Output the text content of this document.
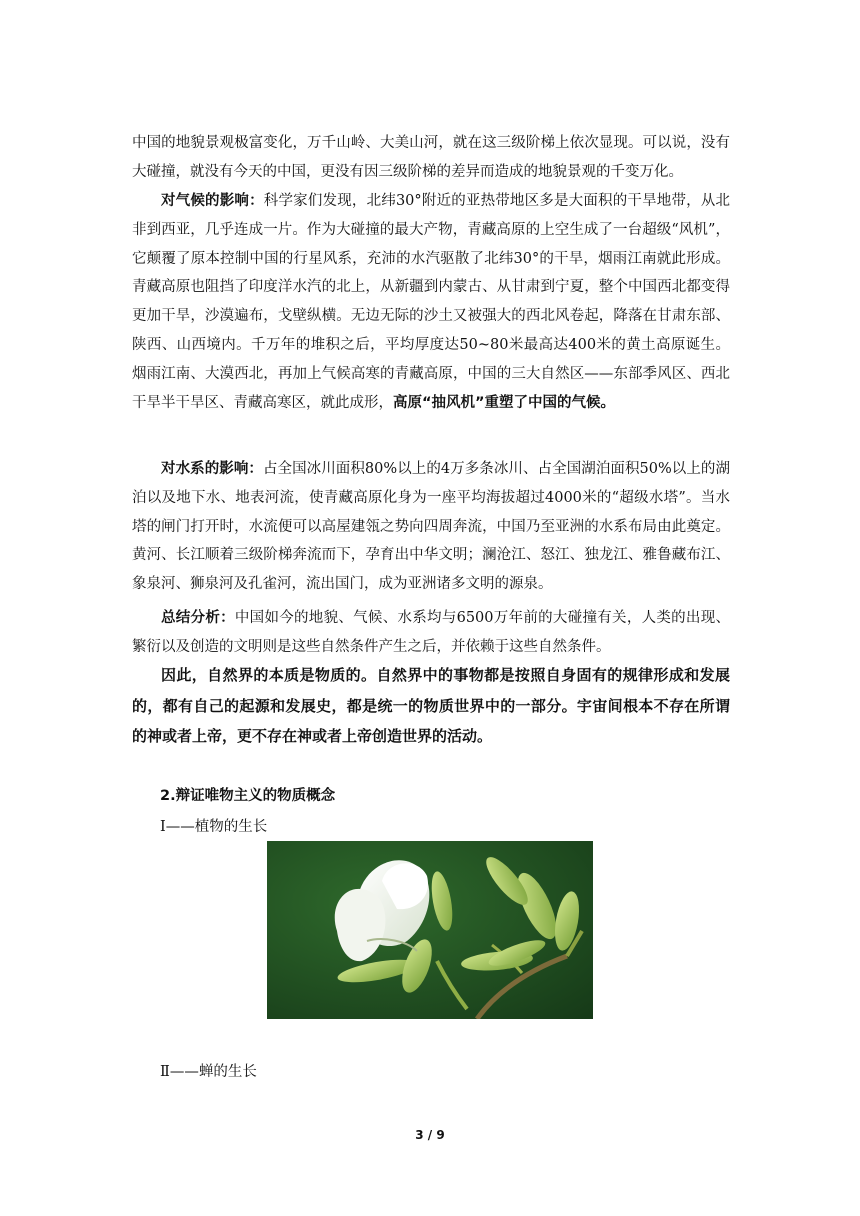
中国的地貌景观极富变化，万千山岭、大美山河，就在这三级阶梯上依次显现。可以说，没有大碰撞，就没有今天的中国，更没有因三级阶梯的差异而造成的地貌景观的千变万化。
对气候的影响：科学家们发现，北纬30°附近的亚热带地区多是大面积的干旱地带，从北非到西亚，几乎连成一片。作为大碰撞的最大产物，青藏高原的上空生成了一台超级“风机”，它颠覆了原本控制中国的行星风系，充沛的水汽驱散了北纬30°的干旱，烟雨江南就此形成。青藏高原也阻挡了印度洋水汽的北上，从新疆到内蒙古、从甘肃到宁夏，整个中国西北都变得更加干旱，沙漠遍布，戈壁纵横。无边无际的沙土又被强大的西北风卷起，降落在甘肃东部、陕西、山西境内。千万年的堆积之后，平均厚度达50~80米最高达400米的黄土高原诞生。烟雨江南、大漠西北，再加上气候高寒的青藏高原，中国的三大自然区——东部季风区、西北干旱半干旱区、青藏高寒区，就此成形，高原“抽风机”重塑了中国的气候。
对水系的影响：占全国冰川面积80%以上的4万多条冰川、占全国湖泊面积50%以上的湖泊以及地下水、地表河流，使青藏高原化身为一座平均海拔超过4000米的“超级水塔”。当水塔的闸门打开时，水流便可以高屋建瓴之势向四周奔流，中国乃至亚洲的水系布局由此奠定。黄河、长江顺着三级阶梯奔流而下，孕育出中华文明；澜沧江、怒江、独龙江、雅鲁藏布江、象泉河、狮泉河及孔雀河，流出国门，成为亚洲诸多文明的源泉。
总结分析：中国如今的地貌、气候、水系均与6500万年前的大碰撞有关，人类的出现、繁衍以及创造的文明则是这些自然条件产生之后，并依赖于这些自然条件。
因此，自然界的本质是物质的。自然界中的事物都是按照自身固有的规律形成和发展的，都有自己的起源和发展史，都是统一的物质世界中的一部分。宇宙间根本不存在所谓的神或者上帝，更不存在神或者上帝创造世界的活动。
2.辩证唯物主义的物质概念
Ⅰ——植物的生长
Ⅱ——蝉的生长
3 / 9
